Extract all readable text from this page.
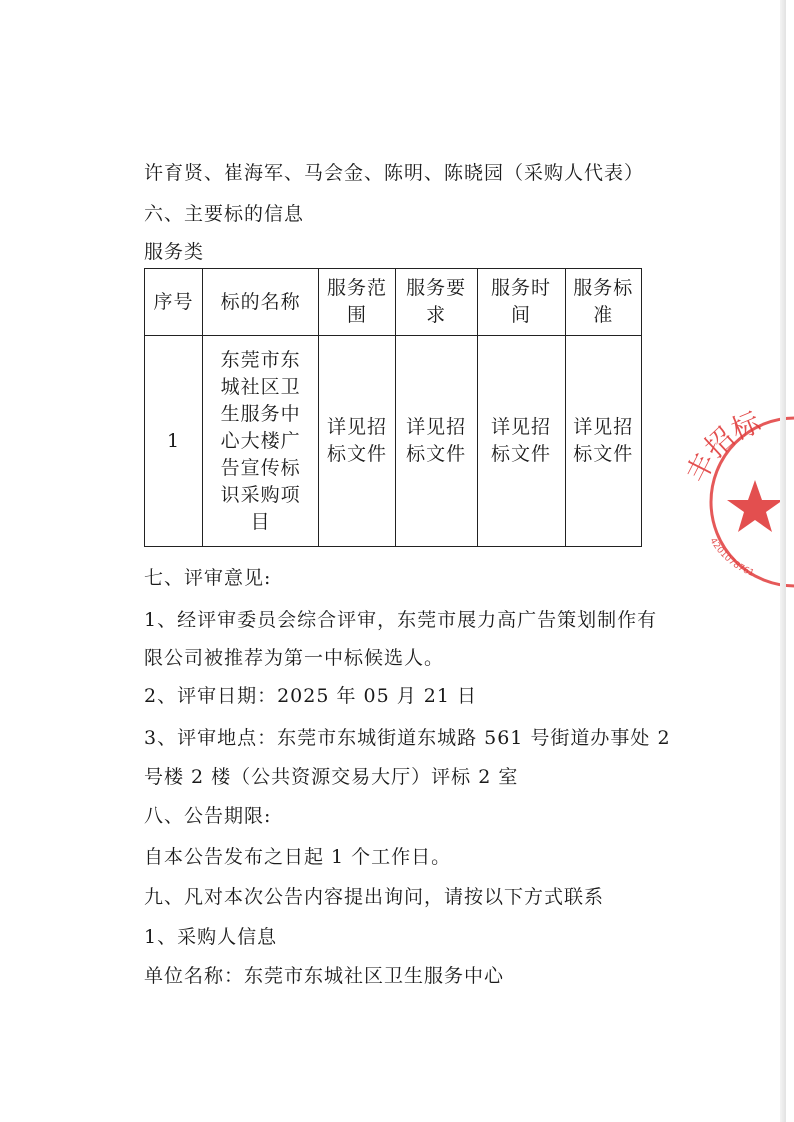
许育贤、崔海军、马会金、陈明、陈晓园（采购人代表）
六、主要标的信息
服务类
序号	标的名称	服务范围	服务要求	服务时间	服务标准
1	东莞市东城社区卫生服务中心大楼广告宣传标识采购项目	详见招标文件	详见招标文件	详见招标文件	详见招标文件
七、评审意见:
1、经评审委员会综合评审，东莞市展力高广告策划制作有
限公司被推荐为第一中标候选人。
2、评审日期：2025 年 05 月 21 日
3、评审地点：东莞市东城街道东城路 561 号街道办事处 2
号楼 2 楼（公共资源交易大厅）评标 2 室
八、公告期限:
自本公告发布之日起 1 个工作日。
九、凡对本次公告内容提出询问，请按以下方式联系
1、采购人信息
单位名称：东莞市东城社区卫生服务中心
丰招标
4201078761
